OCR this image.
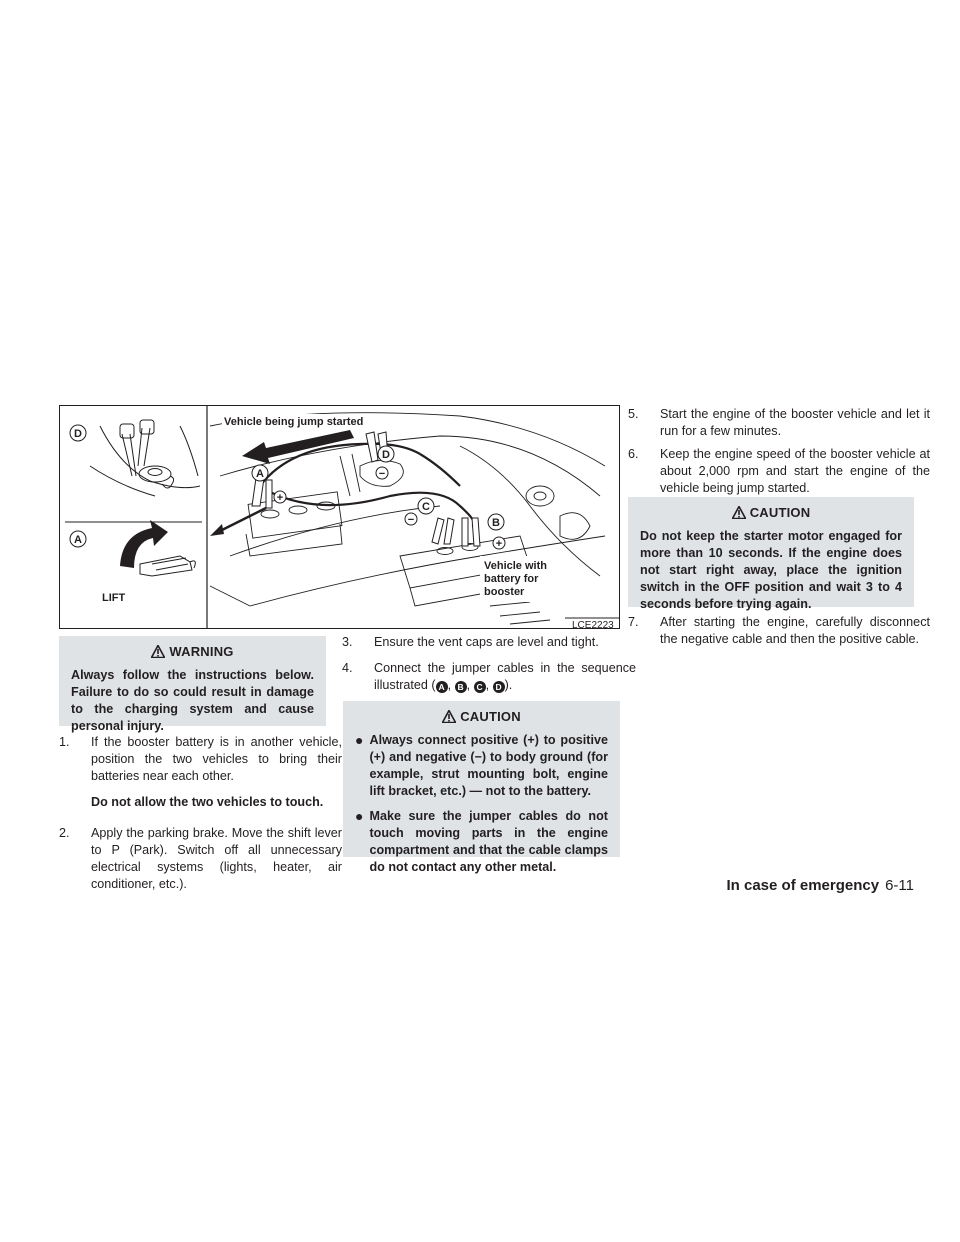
D
A
LIFT
A
B
C
D
+
−
−
+
Vehicle being jump started
Vehicle with
battery for
booster
LCE2223
WARNING
Always follow the instructions below. Failure to do so could result in damage to the charging system and cause personal injury.
1. If the booster battery is in another vehicle, position the two vehicles to bring their batteries near each other.
Do not allow the two vehicles to touch.
2. Apply the parking brake. Move the shift lever to P (Park). Switch off all unnecessary electrical systems (lights, heater, air conditioner, etc.).
3. Ensure the vent caps are level and tight.
4. Connect the jumper cables in the sequence illustrated ( A , B , C , D ).
CAUTION
● Always connect positive (+) to positive (+) and negative (−) to body ground (for example, strut mounting bolt, engine lift bracket, etc.) — not to the battery.
● Make sure the jumper cables do not touch moving parts in the engine compartment and that the cable clamps do not contact any other metal.
5. Start the engine of the booster vehicle and let it run for a few minutes.
6. Keep the engine speed of the booster vehicle at about 2,000 rpm and start the engine of the vehicle being jump started.
CAUTION
Do not keep the starter motor engaged for more than 10 seconds. If the engine does not start right away, place the ignition switch in the OFF position and wait 3 to 4 seconds before trying again.
7. After starting the engine, carefully disconnect the negative cable and then the positive cable.
In case of emergency 6-11
